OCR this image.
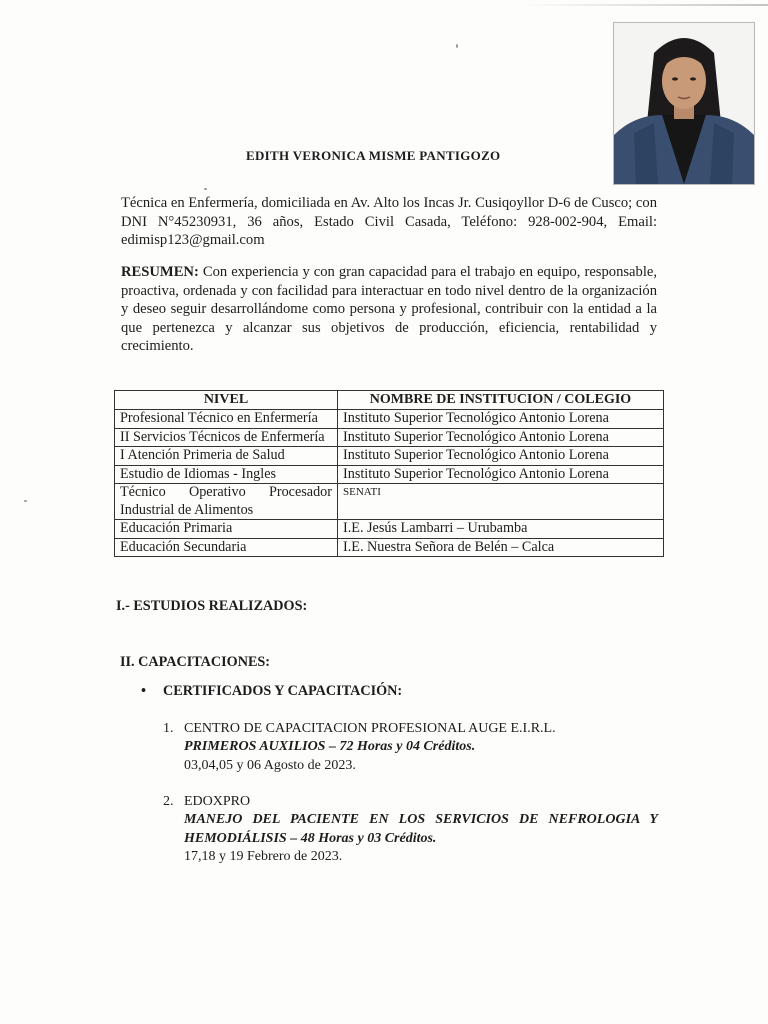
EDITH VERONICA MISME PANTIGOZO
Técnica en Enfermería, domiciliada en Av. Alto los Incas Jr. Cusiqoyllor D-6 de Cusco; con DNI N°45230931, 36 años, Estado Civil Casada, Teléfono: 928-002-904, Email: edimisp123@gmail.com
RESUMEN: Con experiencia y con gran capacidad para el trabajo en equipo, responsable, proactiva, ordenada y con facilidad para interactuar en todo nivel dentro de la organización y deseo seguir desarrollándome como persona y profesional, contribuir con la entidad a la que pertenezca y alcanzar sus objetivos de producción, eficiencia, rentabilidad y crecimiento.
NIVEL	NOMBRE DE INSTITUCION / COLEGIO
Profesional Técnico en Enfermería	Instituto Superior Tecnológico Antonio Lorena
II Servicios Técnicos de Enfermería	Instituto Superior Tecnológico Antonio Lorena
I Atención Primeria de Salud	Instituto Superior Tecnológico Antonio Lorena
Estudio de Idiomas - Ingles	Instituto Superior Tecnológico Antonio Lorena
Técnico Operativo Procesador Industrial de Alimentos	SENATI
Educación Primaria	I.E. Jesús Lambarri – Urubamba
Educación Secundaria	I.E. Nuestra Señora de Belén – Calca
I.- ESTUDIOS REALIZADOS:
II. CAPACITACIONES:
• CERTIFICADOS Y CAPACITACIÓN:
1. CENTRO DE CAPACITACION PROFESIONAL AUGE E.I.R.L.
PRIMEROS AUXILIOS – 72 Horas y 04 Créditos.
03,04,05 y 06 Agosto de 2023.
2. EDOXPRO
MANEJO DEL PACIENTE EN LOS SERVICIOS DE NEFROLOGIA Y HEMODIÁLISIS – 48 Horas y 03 Créditos.
17,18 y 19 Febrero de 2023.
